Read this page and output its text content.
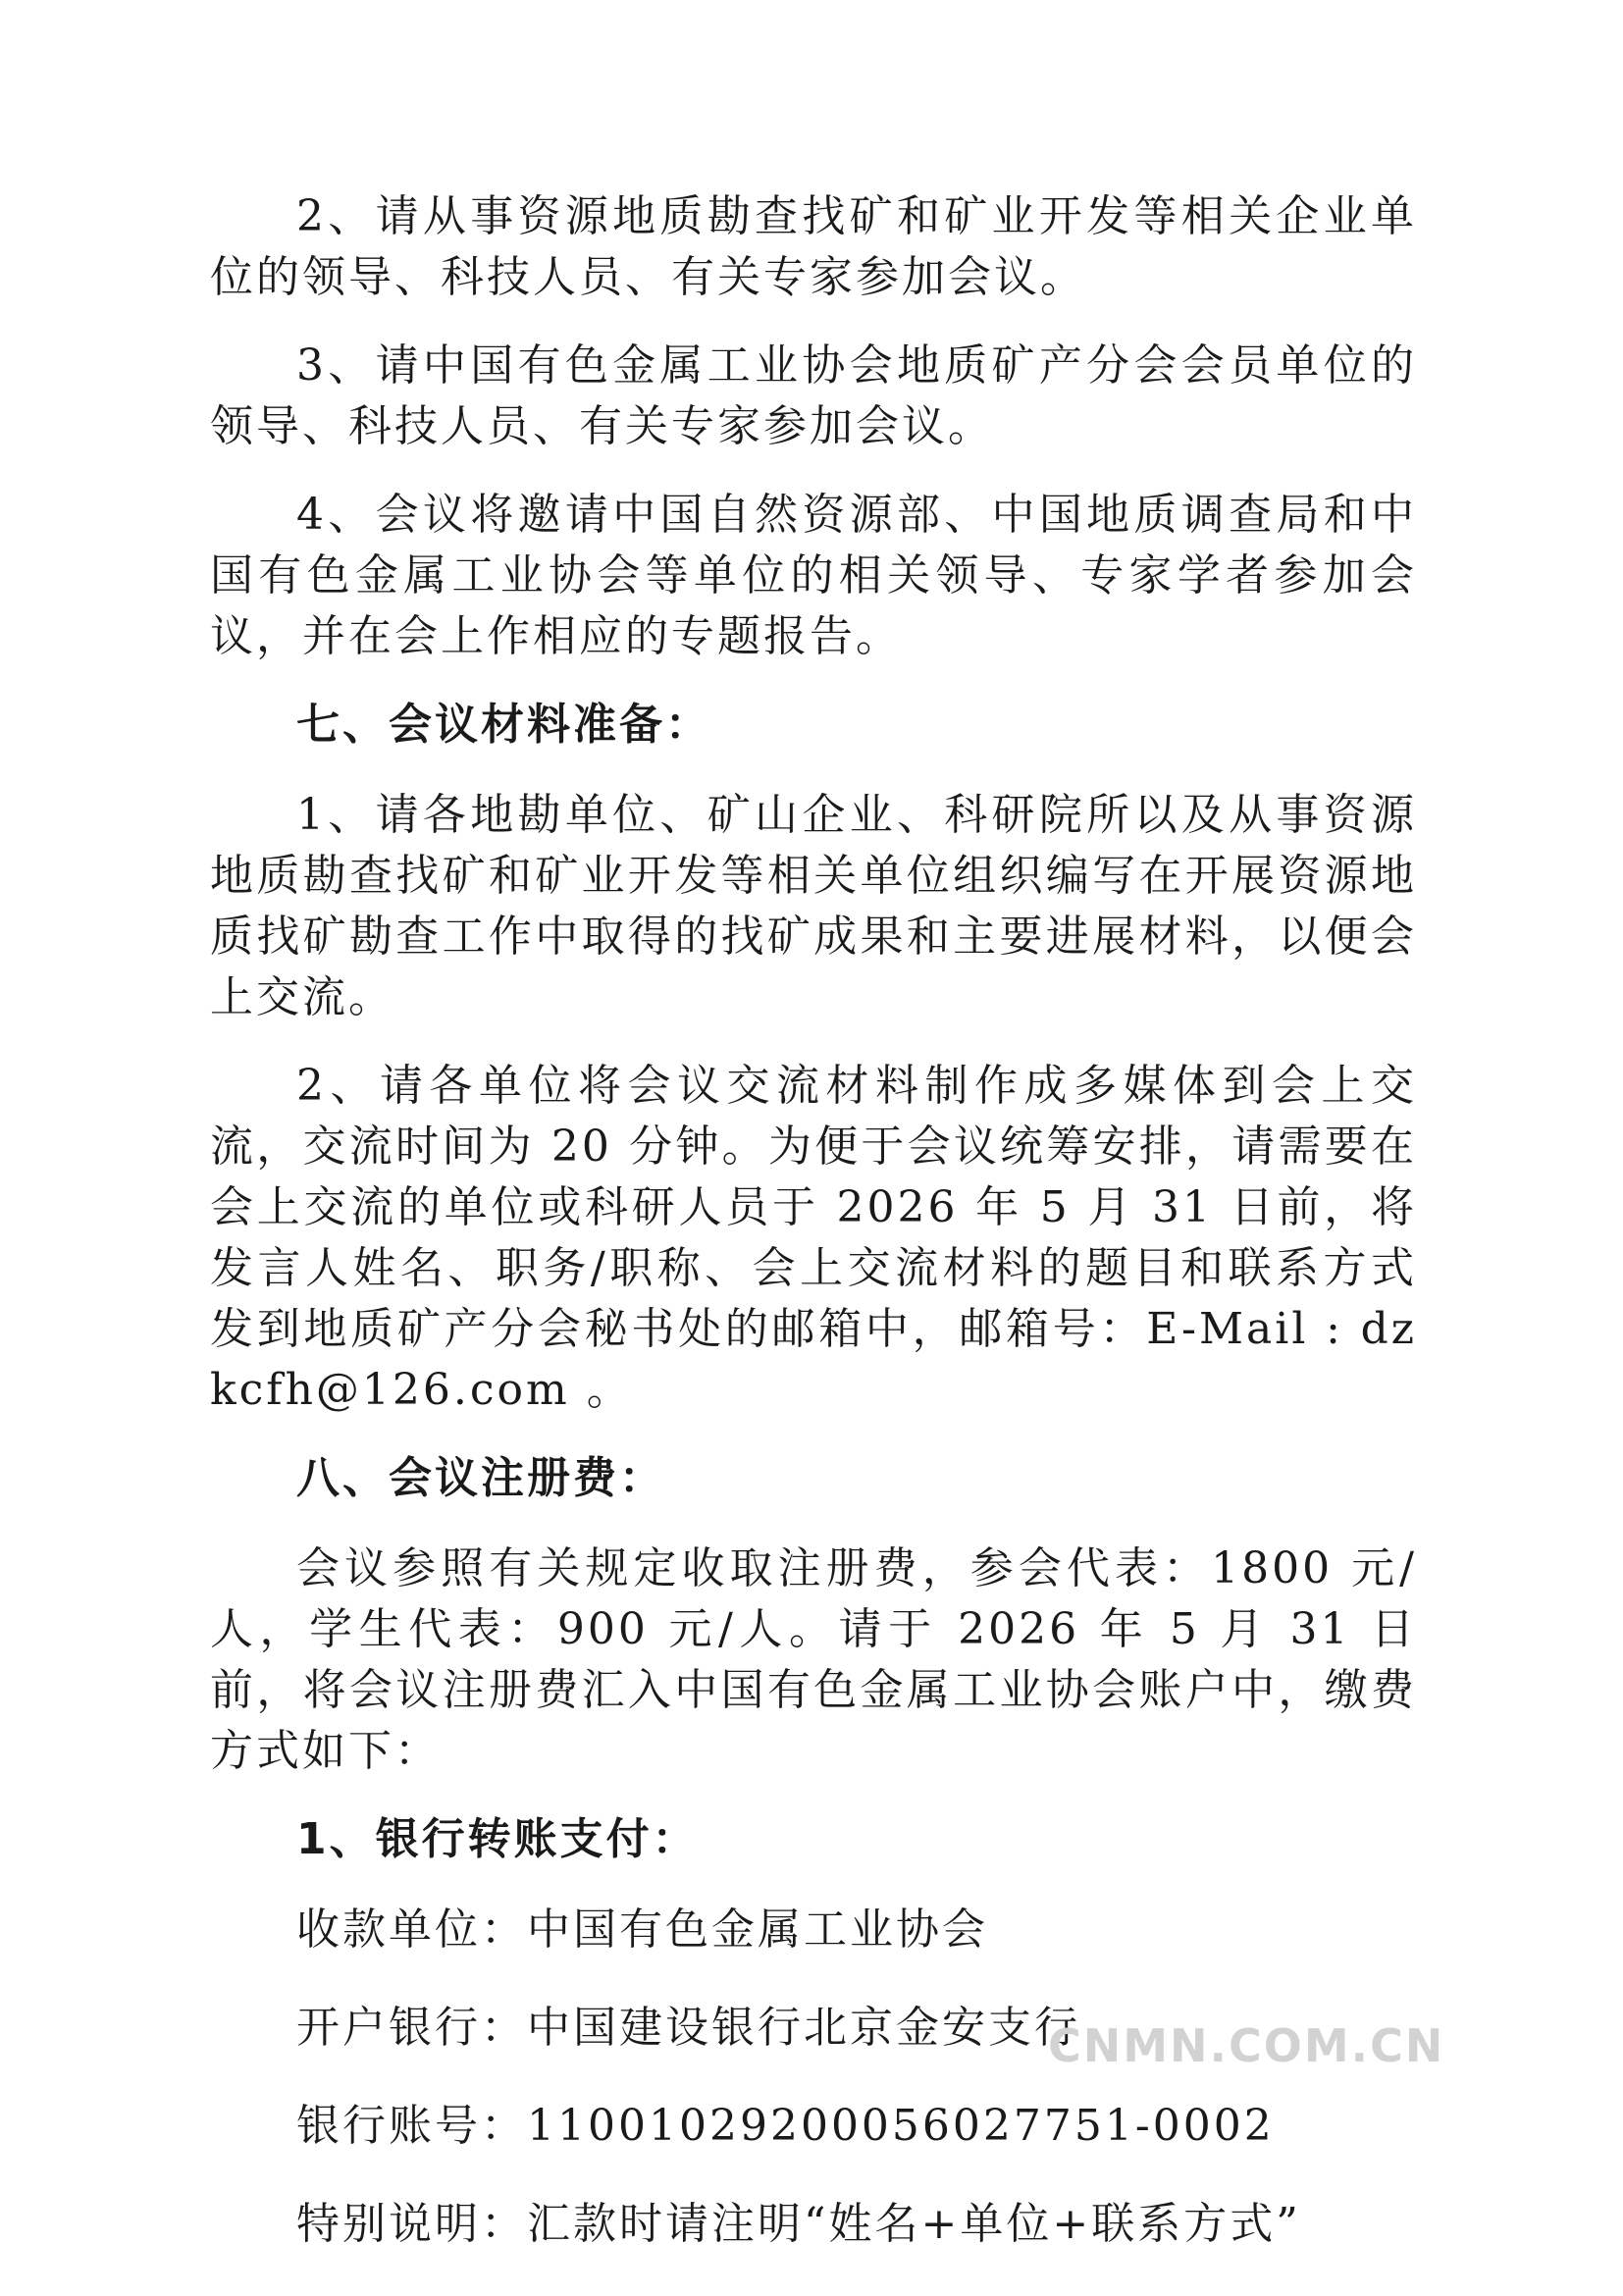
2、请从事资源地质勘查找矿和矿业开发等相关企业单位的领导、科技人员、有关专家参加会议。

3、请中国有色金属工业协会地质矿产分会会员单位的领导、科技人员、有关专家参加会议。

4、会议将邀请中国自然资源部、中国地质调查局和中国有色金属工业协会等单位的相关领导、专家学者参加会议，并在会上作相应的专题报告。

七、会议材料准备：

1、请各地勘单位、矿山企业、科研院所以及从事资源地质勘查找矿和矿业开发等相关单位组织编写在开展资源地质找矿勘查工作中取得的找矿成果和主要进展材料，以便会上交流。

2、请各单位将会议交流材料制作成多媒体到会上交流，交流时间为 20 分钟。为便于会议统筹安排，请需要在会上交流的单位或科研人员于 2026 年 5 月 31 日前，将发言人姓名、职务/职称、会上交流材料的题目和联系方式发到地质矿产分会秘书处的邮箱中，邮箱号：E-Mail : dzkcfh@126.com 。

八、会议注册费：

会议参照有关规定收取注册费，参会代表：1800 元/人，学生代表：900 元/人。请于 2026 年 5 月 31 日前，将会议注册费汇入中国有色金属工业协会账户中，缴费方式如下：

1、银行转账支付：

收款单位：中国有色金属工业协会

开户银行：中国建设银行北京金安支行

银行账号：11001029200056027751-0002

特别说明：汇款时请注明“姓名+单位+联系方式”

CNMN.COM.CN
